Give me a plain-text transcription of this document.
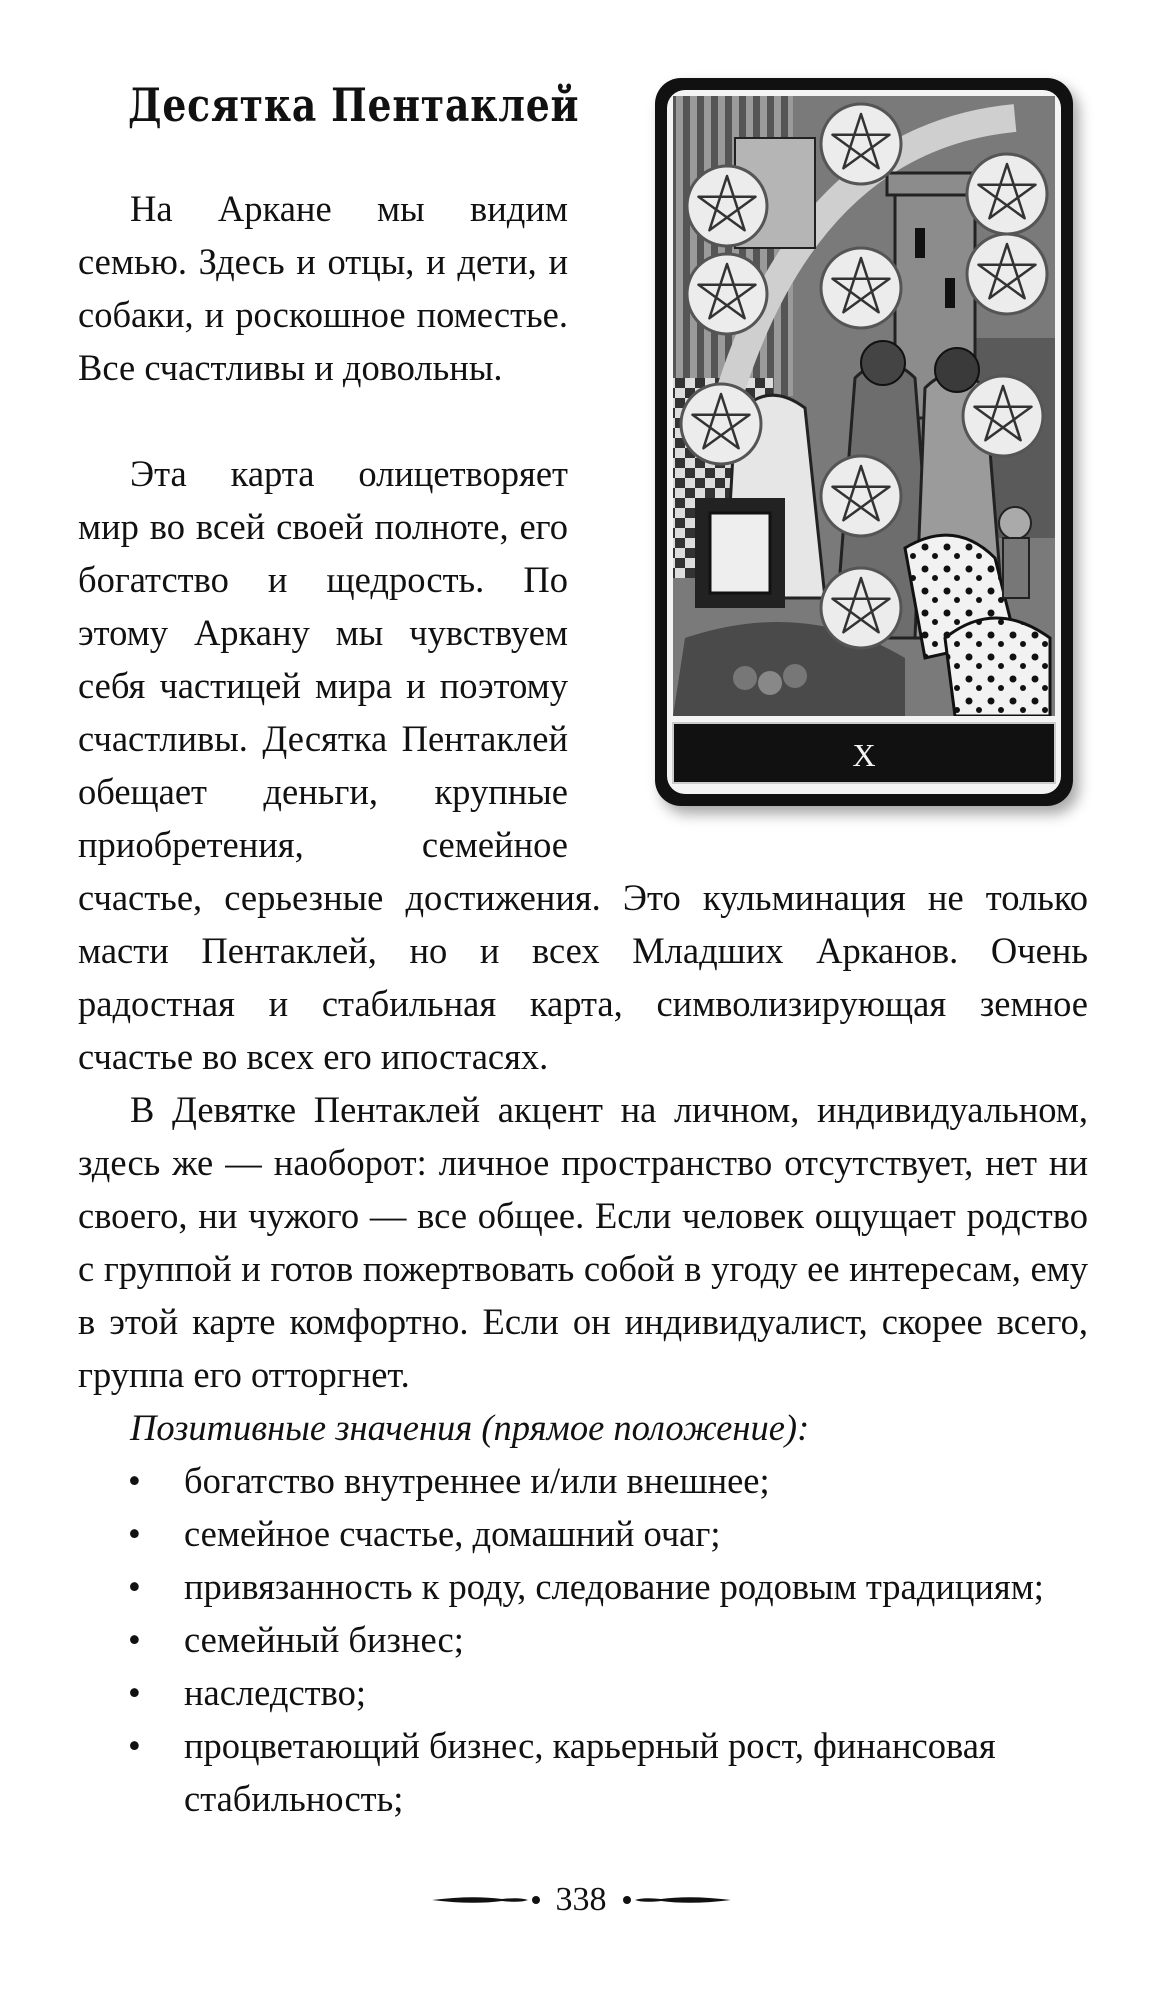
Десятка Пентаклей
X

На Аркане мы видим семью. Здесь и отцы, и дети, и собаки, и роскошное поместье. Все счастливы и довольны.

Эта карта олицетворяет мир во всей своей полноте, его богатство и щедрость. По этому Аркану мы чувствуем себя частицей мира и поэтому счастливы. Десятка Пентаклей обещает деньги, крупные приобретения, семейное счастье, серьезные достижения. Это кульминация не только масти Пентаклей, но и всех Младших Арканов. Очень радостная и стабильная карта, символизирующая земное счастье во всех его ипостасях.

В Девятке Пентаклей акцент на личном, индивидуальном, здесь же — наоборот: личное пространство отсутствует, нет ни своего, ни чужого — все общее. Если человек ощущает родство с группой и готов пожертвовать собой в угоду ее интересам, ему в этой карте комфортно. Если он индивидуалист, скорее всего, группа его отторгнет.

Позитивные значения (прямое положение):

• богатство внутреннее и/или внешнее;
• семейное счастье, домашний очаг;
• привязанность к роду, следование родовым традициям;
• семейный бизнес;
• наследство;
• процветающий бизнес, карьерный рост, финансовая стабильность;
338
